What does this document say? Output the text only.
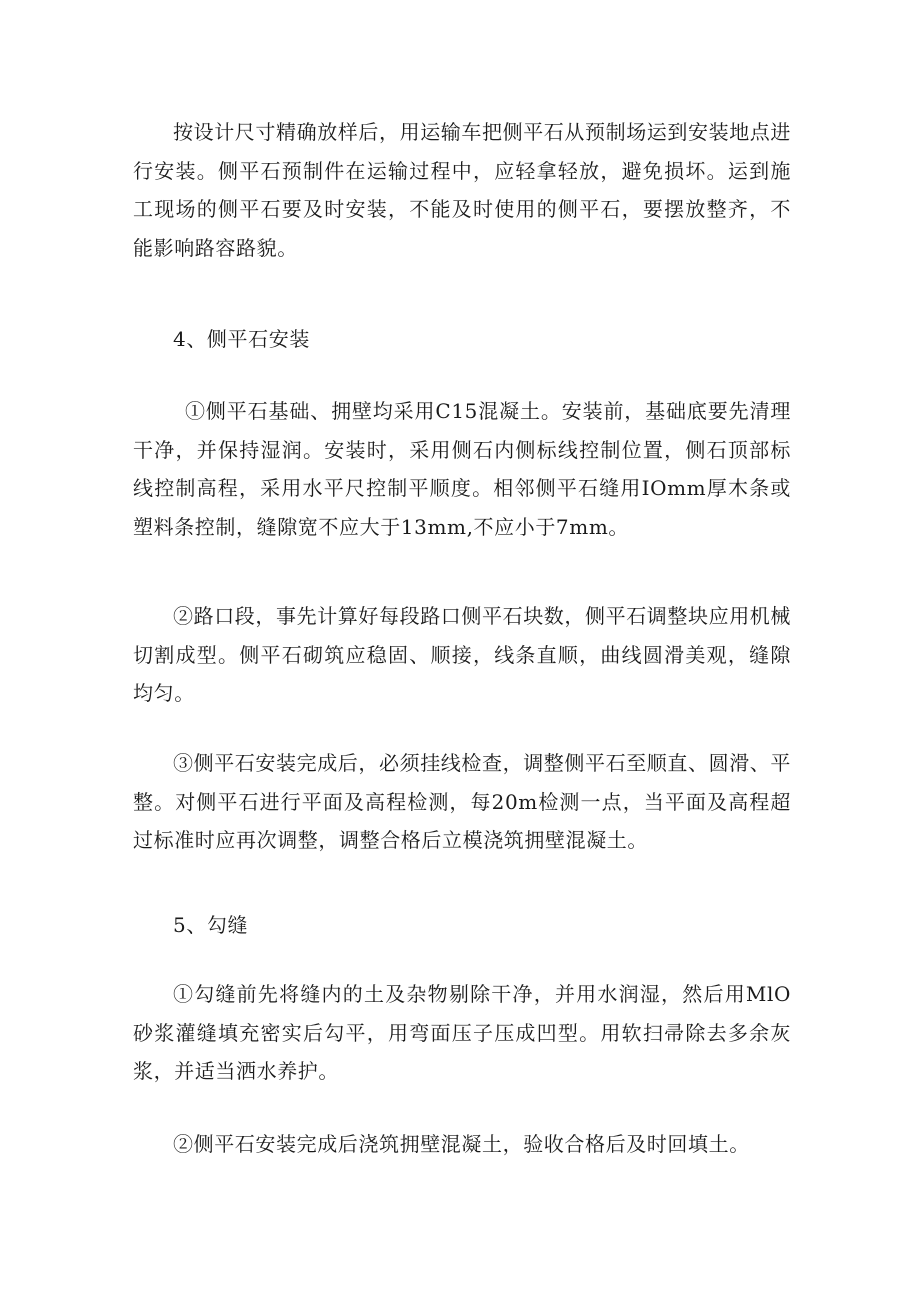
按设计尺寸精确放样后，用运输车把侧平石从预制场运到安装地点进行安装。侧平石预制件在运输过程中，应轻拿轻放，避免损坏。运到施工现场的侧平石要及时安装，不能及时使用的侧平石，要摆放整齐，不能影响路容路貌。

4、侧平石安装

①侧平石基础、拥壁均采用C15混凝土。安装前，基础底要先清理干净，并保持湿润。安装时，采用侧石内侧标线控制位置，侧石顶部标线控制高程，采用水平尺控制平顺度。相邻侧平石缝用IOmm厚木条或塑料条控制，缝隙宽不应大于13mm,不应小于7mm。

②路口段，事先计算好每段路口侧平石块数，侧平石调整块应用机械切割成型。侧平石砌筑应稳固、顺接，线条直顺，曲线圆滑美观，缝隙均匀。

③侧平石安装完成后，必须挂线检查，调整侧平石至顺直、圆滑、平整。对侧平石进行平面及高程检测，每20m检测一点，当平面及高程超过标准时应再次调整，调整合格后立模浇筑拥壁混凝土。

5、勾缝

①勾缝前先将缝内的土及杂物剔除干净，并用水润湿，然后用MlO砂浆灌缝填充密实后勾平，用弯面压子压成凹型。用软扫帚除去多余灰浆，并适当洒水养护。

②侧平石安装完成后浇筑拥壁混凝土，验收合格后及时回填土。
